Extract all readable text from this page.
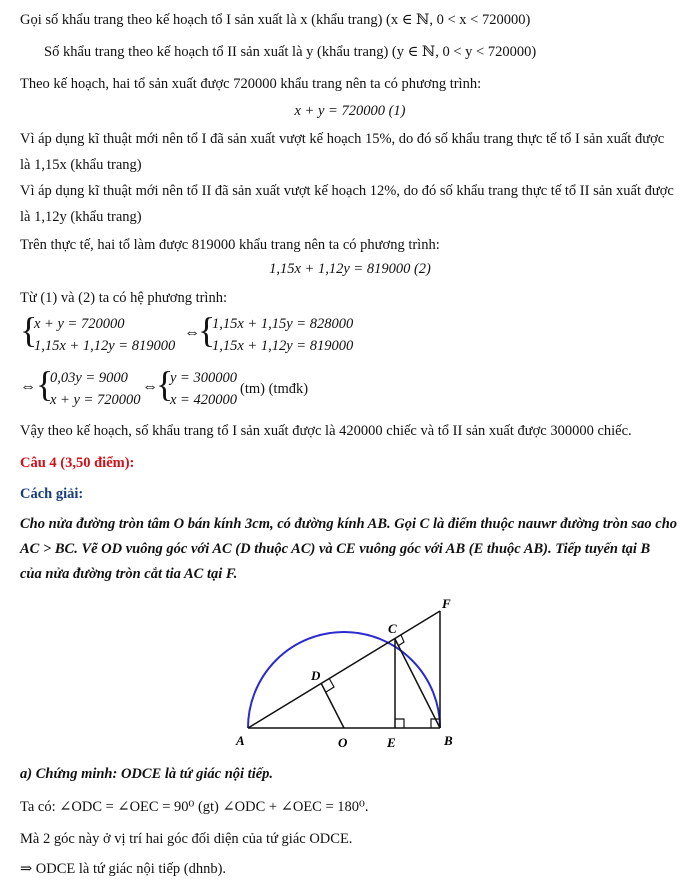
Gọi số khẩu trang theo kế hoạch tổ I sản xuất là x (khẩu trang) (x ∈ ℕ, 0 < x < 720000)
Số khẩu trang theo kế hoạch tổ II sản xuất là y (khẩu trang) (y ∈ ℕ, 0 < y < 720000)
Theo kế hoạch, hai tổ sản xuất được 720000 khẩu trang nên ta có phương trình:
x + y = 720000 (1)
Vì áp dụng kĩ thuật mới nên tổ I đã sản xuất vượt kế hoạch 15%, do đó số khẩu trang thực tế tổ I sản xuất được
là 1,15x (khẩu trang)
Vì áp dụng kĩ thuật mới nên tổ II đã sản xuất vượt kế hoạch 12%, do đó số khẩu trang thực tế tổ II sản xuất được
là 1,12y (khẩu trang)
Trên thực tế, hai tổ làm được 819000 khẩu trang nên ta có phương trình:
1,15x + 1,12y = 819000 (2)
Từ (1) và (2) ta có hệ phương trình:
{
x + y = 720000
1,15x + 1,12y = 819000
⇔
{
1,15x + 1,15y = 828000
1,15x + 1,12y = 819000
⇔ {
0,03y = 9000
x + y = 720000
⇔
{
y = 300000
x = 420000
(tm) (tmđk)
Vậy theo kế hoạch, số khẩu trang tổ I sản xuất được là 420000 chiếc và tổ II sản xuất được 300000 chiếc.
Câu 4 (3,50 điểm):
Cách giải:
Cho nửa đường tròn tâm O bán kính 3cm, có đường kính AB. Gọi C là điểm thuộc nauwr đường tròn sao cho
AC > BC. Vẽ OD vuông góc với AC (D thuộc AC) và CE vuông góc với AB (E thuộc AB). Tiếp tuyến tại B
của nửa đường tròn cắt tia AC tại F.
A	O	E	B
C
D
F
a) Chứng minh: ODCE là tứ giác nội tiếp.
Ta có: ∠ODC = ∠OEC = 90⁰ (gt) ∠ODC + ∠OEC = 180⁰.
Mà 2 góc này ở vị trí hai góc đối diện của tứ giác ODCE.
⇒ ODCE là tứ giác nội tiếp (dhnb).
